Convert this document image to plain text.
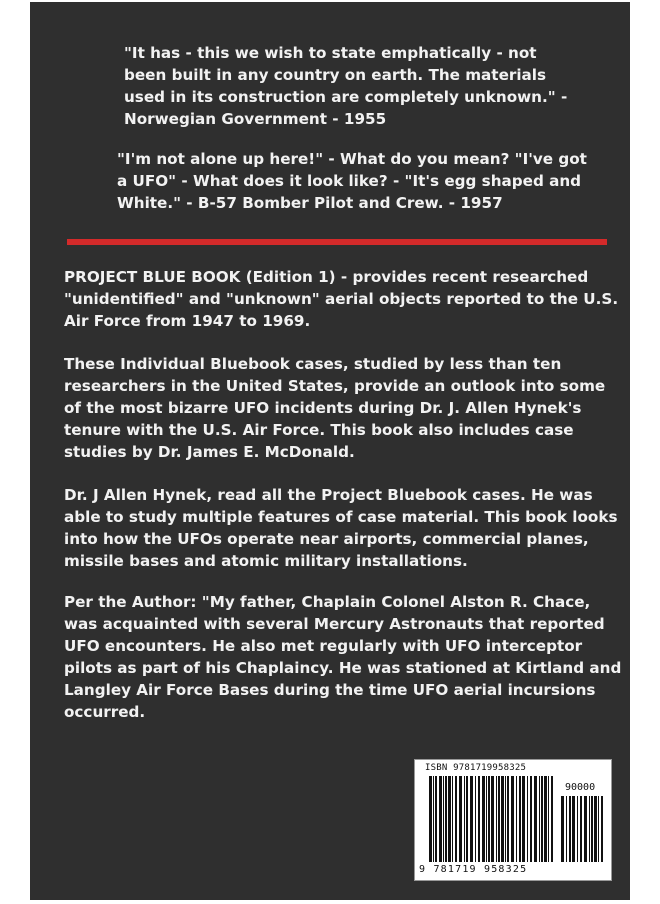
"It has - this we wish to state emphatically - not been built in any country on earth. The materials used in its construction are completely unknown." - Norwegian Government - 1955

"I'm not alone up here!" - What do you mean? "I've got a UFO" - What does it look like? - "It's egg shaped and White." - B-57 Bomber Pilot and Crew. - 1957

PROJECT BLUE BOOK (Edition 1) - provides recent researched "unidentified" and "unknown" aerial objects reported to the U.S. Air Force from 1947 to 1969.

These Individual Bluebook cases, studied by less than ten researchers in the United States, provide an outlook into some of the most bizarre UFO incidents during Dr. J. Allen Hynek's tenure with the U.S. Air Force. This book also includes case studies by Dr. James E. McDonald.

Dr. J Allen Hynek, read all the Project Bluebook cases. He was able to study multiple features of case material. This book looks into how the UFOs operate near airports, commercial planes, missile bases and atomic military installations.

Per the Author: "My father, Chaplain Colonel Alston R. Chace, was acquainted with several Mercury Astronauts that reported UFO encounters. He also met regularly with UFO interceptor pilots as part of his Chaplaincy. He was stationed at Kirtland and Langley Air Force Bases during the time UFO aerial incursions occurred.

ISBN 9781719958325
90000
9 781719 958325
